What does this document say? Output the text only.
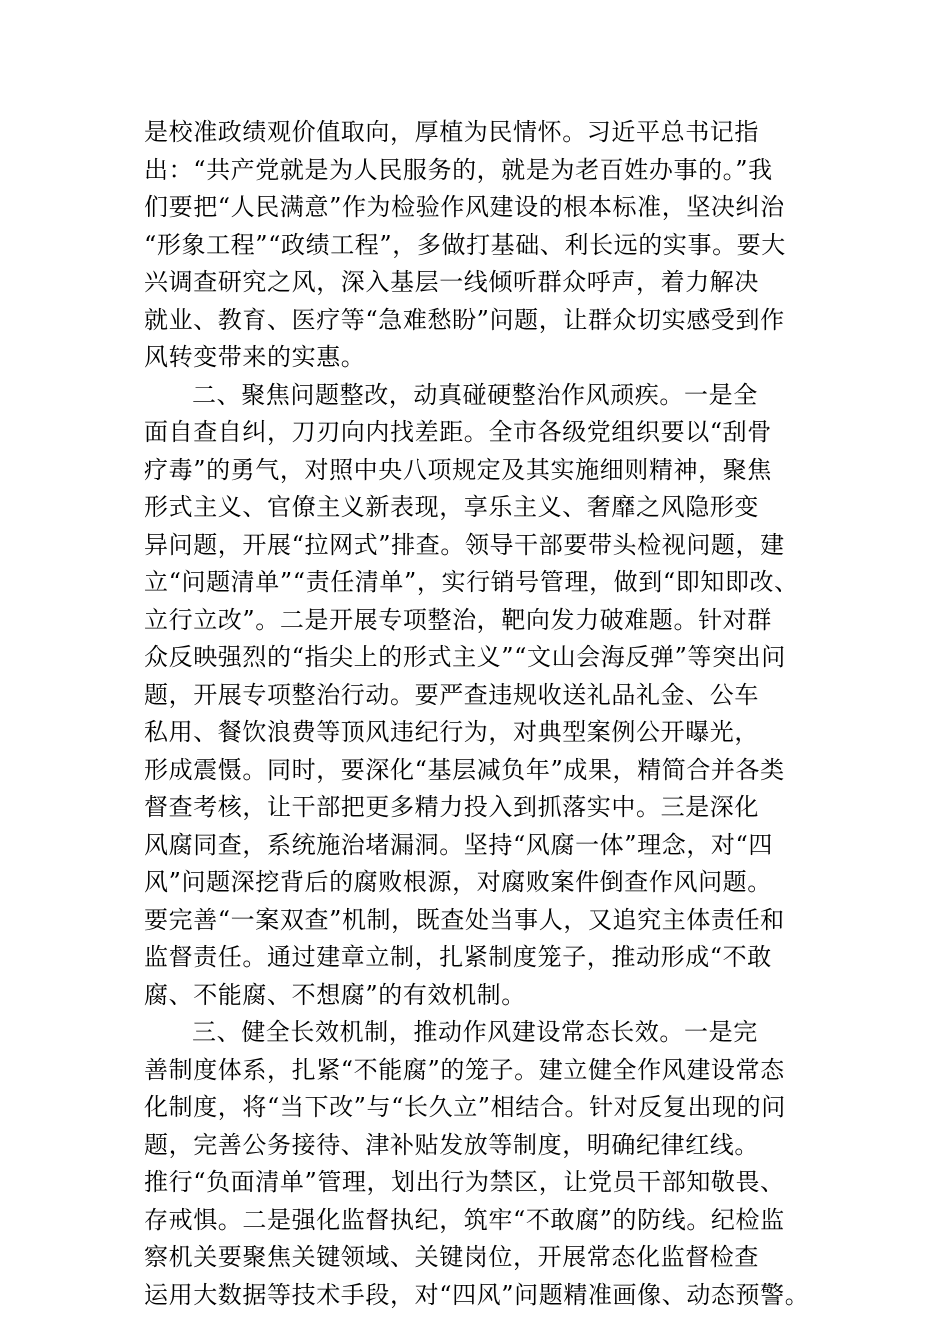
是校准政绩观价值取向，厚植为民情怀。习近平总书记指
出：“共产党就是为人民服务的，就是为老百姓办事的。”我
们要把“人民满意”作为检验作风建设的根本标准，坚决纠治
“形象工程”“政绩工程”，多做打基础、利长远的实事。要大
兴调查研究之风，深入基层一线倾听群众呼声，着力解决
就业、教育、医疗等“急难愁盼”问题，让群众切实感受到作
风转变带来的实惠。
二、聚焦问题整改，动真碰硬整治作风顽疾。一是全
面自查自纠，刀刃向内找差距。全市各级党组织要以“刮骨
疗毒”的勇气，对照中央八项规定及其实施细则精神，聚焦
形式主义、官僚主义新表现，享乐主义、奢靡之风隐形变
异问题，开展“拉网式”排查。领导干部要带头检视问题，建
立“问题清单”“责任清单”，实行销号管理，做到“即知即改、
立行立改”。二是开展专项整治，靶向发力破难题。针对群
众反映强烈的“指尖上的形式主义”“文山会海反弹”等突出问
题，开展专项整治行动。要严查违规收送礼品礼金、公车
私用、餐饮浪费等顶风违纪行为，对典型案例公开曝光，
形成震慑。同时，要深化“基层减负年”成果，精简合并各类
督查考核，让干部把更多精力投入到抓落实中。三是深化
风腐同查，系统施治堵漏洞。坚持“风腐一体”理念，对“四
风”问题深挖背后的腐败根源，对腐败案件倒查作风问题。
要完善“一案双查”机制，既查处当事人，又追究主体责任和
监督责任。通过建章立制，扎紧制度笼子，推动形成“不敢
腐、不能腐、不想腐”的有效机制。
三、健全长效机制，推动作风建设常态长效。一是完
善制度体系，扎紧“不能腐”的笼子。建立健全作风建设常态
化制度，将“当下改”与“长久立”相结合。针对反复出现的问
题，完善公务接待、津补贴发放等制度，明确纪律红线。
推行“负面清单”管理，划出行为禁区，让党员干部知敬畏、
存戒惧。二是强化监督执纪，筑牢“不敢腐”的防线。纪检监
察机关要聚焦关键领域、关键岗位，开展常态化监督检查
运用大数据等技术手段，对“四风”问题精准画像、动态预警。
